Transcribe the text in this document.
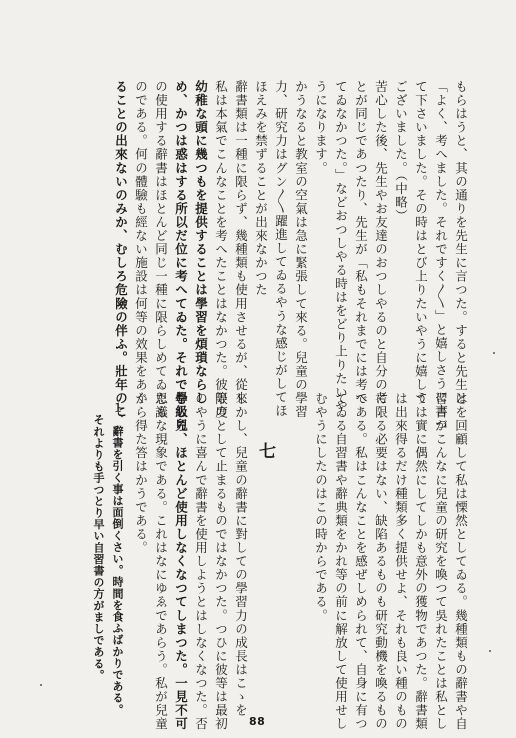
もらはうと、其の通りを先生に言つた。すると先生は
「よく、考へました。それですく〱」と嬉しさうに言つ
て下さいました。その時はとび上りたいやうに嬉しう
ございました。（中略）
苦心した後、先生やお友達のおつしやるのと自分の考
とが同じであつたり、先生が「私もそれまでには考へ
てゐなかつた。」などおつしやる時はをどり上りたいや
うになります。
かうなると教室の空氣は急に緊張して來る。兒童の學習
力、研究力はグン〱躍進してゐるやうな感じがしてほ
ほえみを禁ずることが出來なかつた
辭書類は一種に限らず、幾種類も使用させるが、從來
私は本氣でこんなことを考へたことはなかつた。彼等の
幼稚な頭に幾つもを提供することは學習を煩瑣ならし
め、かつは惑はする所以だ位に考へてゐた。それで學級兒
の使用する辭書はほとんど同じ一種に限らしめてゐたも
のである。何の體驗も經ない施設は何等の效果をあぐ
ることの出來ないのみか、むしろ危險の伴ふ。壯年のこ
とを回顧して私は慄然としてゐる。幾種類もの辭書や自
習書がこんなに兒童の研究を喚つて吳れたことは私とし
ては實に偶然にしてしかも意外の獲物であつた。辭書類
は出來得るだけ種類多く提供せよ、それも良い種のもの
に限る必要はない、缺陷あるものも研究動機を喚るもの
である。私はこんなことを感ぜしめられて、自身に有つ
てゐる自習書や辭典類をかれ等の前に解放して使用せし
むやうにしたのはこの時からである。
七
しかし、兒童の辭書に對しての學習力の成長はこゝを
限度として止まるものではなかつた。つひに彼等は最初
のやうに喜んで辭書を使用しようとはしなくなつた。否
むしろ、ほとんど使用しなくなつてしまつた。一見不可
思議な現象である。これはなにゆゑであらう。私が兒童
から得た答はかうである。
１、辭書を引く事は面倒くさい。時間を食ふばかりである。
それよりも手つとり早い自習書の方がましである。
88
